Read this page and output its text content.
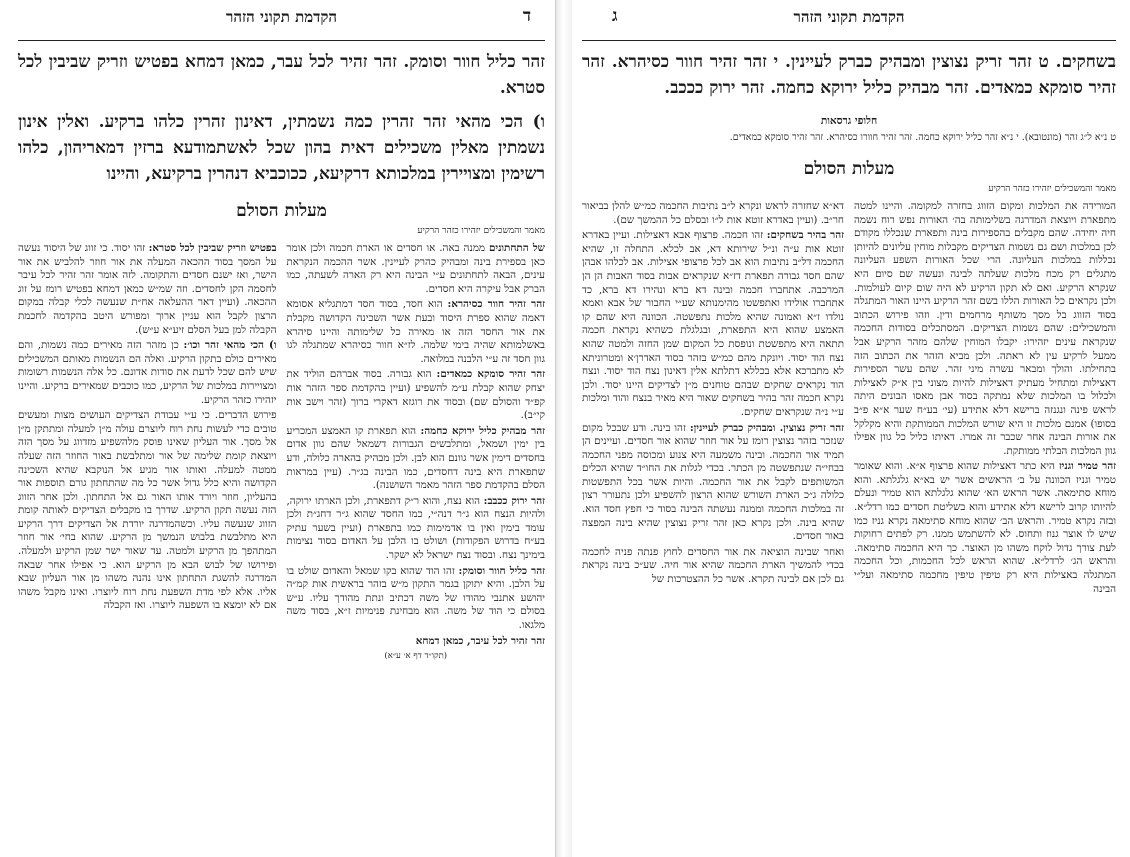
ד
הקדמת תקוני הזהר

זהר כליל חוור וסומק. זהר זהיר לכל עבר, כמאן דמחא בפטיש וזריק שביבין לכל סטרא.

ו) הכי מהאי זהר זהרין כמה נשמתין, דאינון זהרין כלהו ברקיע. ואלין אינון נשמתין מאלין משכילים דאית בהון שכל לאשתמודעא ברזין דמאריהון, כלהו רשימין ומצויירין במלכותא דרקיעא, ככוכביא דנהרין ברקיעא, והיינו

מעלות הסולם
מאמר והמשכילים יזהירו כזהר הרקיע

של התחתונים ממנה באה. או חסדים או הארת חכמה ולכן אומר כאן בספירת בינה ומבהיק כהרק לעיינין. אשר ההכמה הנקראת עינים, הבאה לתחתונים ע״י הבינה היא רק הארה לשעתה, כמו הברק אבל עיקרה היא חסדים.

זהר זהיר חוור כסיהרא: הוא חסד, בסוד חסד דמתגליא אסומא דאמה שהוא ספרת היסוד ובעת אשר השכינה הקדושה מקבלת את אור החסד הזה או מאירה כל שלימותה והיינו סיהרא באשלמותא שהיה בימי שלמה. לז״א חוור כסיהרא שמתגלה לגו גוון חסד זה ע״י הלבנה במלואה.

זהר זהיר סומקא כמאדים: הוא גבורה. בסוד אברהם הוליד את יצחק שהוא קבלת ע״מ להשפיע (ועיין בהקדמת ספר הזהר אות קפ״ד והסולם שם) ובסוד את רוגזא דאקרי ברוך (זהר וישב אות קי״ב).

זהר מבהיק כליל ירוקא כחמה: הוא תפארת קו האמצע המכריע בין ימין ושמאל, ומתלבשים הגבורות דשמאל שהם גוון אדום בחסדים דימין אשר גוונם הוא לבן. ולכן מבהיק בהארה כלולה, ודע שתפארת היא בינה דחסדים, כמו הבינה בג״ר. (עיין במראות הסלם בהקדמת ספר הזהר מאמר השושנה).

זהר ירוק ככבב: הוא נצח, והוא ר״ק דתפארת, ולכן הארתו ירוקה, ולהיות הנצח הוא ג״ר דנה״י, כמו החסד שהוא ג״ר דחג״ת ולכן עומד בימין ואין בו אדמימות כמו בתפארת (ועיין בשער עתיק בע״ח בדרוש הפקודות) ושולט בו הלבן על האדום בסוד נצימות בימינך נצח. ובסוד נצח ישראל לא ישקר.

זהר כליל חוור וסומק: זהו הוד שהוא בקו שמאל והאדום שולט בו על הלבן. והיא יתוקן בגמר התקון מ״ש בזהר בראשית אות קמ״ה יהושע אתנבי מהודו של משה דכתיב ונתת מהודך עליו. ע״ש בסולם כי הוד של משה. הוא מבחינת פנימיות ז״א, בסוד משה מלגאו.

זהר זהיר לכל עיבר, כמאן דמחא

(תקו״ד דף א׳ ע״א)

בפטיש וזריק שביבין לכל סטרא: זהו יסוד. כי זווג של היסוד נעשה על המסך בסוד ההכאה המעלה את אור חוזר להלביש את אור הישר, ואז ישנם חסדים והתקומה. לזה אומר זהר זהיר לכל עיבר לחסמה הקן לחסדים. וזה שמ״ש כמאן דמחא בפטיש רומז על זוג ההכאה. (ועיין דאר ההעלאה אח״ת שנעשה לכלי קבלה במקום הרצון לקבל הוא עניין ארוך ומפורש היטב בהקדמה לחכמת הקבלה למן בעל הסלם זיע״א ע״ש).

ו) הכי מהאי זהר וכו׳: כן מזהר הזה מאירים כמה נשמות, והם מאירים כולם בתקון הרקיע. ואלה הם הנשמות מאותם המשכילים שיש להם שכל לדעת את סודות אדונם. כל אלה הנשמות רשומות ומצויירות במלכות של הרקיע, כמו כוכבים שמאירים ברקיע. והיינו יזהירו כזהר הרקיע.

פירוש הדברים. כי ע״י עבודת הצדיקים העושים מצות ומעשים טובים כדי לעשות נחת רוח ליוצרם עולה מ״ן למעלה ומתתקן מ״ן אל מסך. אור העליון שאינו פוסק מלהשפיע מזדווג על מסך הזה ויוצאת קומת שלימה של אור ומתלבשת באור החוזר הזה שעלה ממטה למעלה. ואותו אור מגיע אל הנוקבא שהיא השכינה הקדושה והיא כלל גדול אשר כל מה שהתחתון גורם תוספות אור בהעליון, חוזר ויורד אותו האור גם אל התחתון. ולכן אחר הזווג הזה נעשה תקון הרקיע. שדרך בו מקבלים הצדיקים לאותה קומת הזווג שנעשה עליו. וכשהמדרגה יורדת אל הצדיקים דרך הרקיע היא מתלבשת בלבוש הנמשך מן הרקיע. שהוא בחי׳ אור חוזר המתהפך מן הרקיע ולמטה. עד שאור ישר שמן הרקיע ולמעלה. ופירושו של לבוש הבא מן הרקיע הוא. כי אפילו אחר שבאה המדרגה להשגת התחתון אינו נהנה משהו מן אור העליון שבא אליו. אלא לפי מדת השפעת נחת רוח ליוצרו. ואינו מקבל משהו אם לא יומצא בו השפעה ליוצרו. ואז הקבלה

ג	הקדמת תקוני הזהר

בשחקים. ט זהר זריק נצוצין ומבהיק כברק לעיינין. י זהר זהיר חוור כסיהרא. זהר זהיר סומקא כמאדים. זהר מבהיק כליל ירוקא כחמה. זהר ירוק כככב.

חלופי גרסאות
ט נ״א ל״ג זהר (מונטובא). י נ״א זהר כליל ירוקא כחמה. זהר זהיר חוורו כסיהרא. זהר זהיר סומקא כמאדים.
מעלות הסולם
מאמר והמשכילים יזהירו כזהר הרקיע

המורידה את המלכות ומקום הזווג בחזרה למקומה. והיינו למטה מתפארת ויוצאת המדרגה בשלימותה בה׳ האורות נפש רוח נשמה חיה יחידה. שהם מקבלים בהספירות בינה ותפארת שנכללו מקודם לכן במלכות ושם גם נשמות הצדיקים מקבלות מוחין עליונים להיותן נכללות במלכות העליונה. הרי שכל האורות השפע העליונה מתגלים רק מכח מלכות שעלתה לבינה ונעשה שם סיום היא שנקרא הרקיע. ואם לא תקון הרקיע לא היה שום קיום לעולמות. ולכן נקראים כל האורות הללו בשם זהר הרקיע היינו האור המתגלה בסוד הזווג בל מסך משותף מרחמים ודין. וזהו פירוש הכתוב והמשכילים: שהם נשמות הצדיקים. המסתכלים בסודות החכמה שנקראת עינים יזהירו: יקבלו המוחין שלהם מזהר הרקיע אבל ממעל לרקיע עין לא ראתה. ולכן מביא הזהר את הכתוב הזה בתחילתו. והולך ומבאר עשרה מיני זהר. שהם עשר הספירות דאצילות ומתחיל מעתיק דאצילות להיות מצוני בין א״ק לאצילות ולכלול בו המלכות שלא נמתקה בסוד אבן מאסו הבונים היתה לראש פינה ונגנזה ברישא דלא אתידע (עי׳ בע״ח שער א״א פ״ב בסופו) אמנם מלכות זו היא שורש המלכות הממותקת והיא מקלקל את אורות הבינה אחר שכבר זה אמרו. דאיתו כליל כל גוון אפילו גוון המלכות הבלתי ממותקת.

זהר טמיר וגניז היא כתר דאצילות שהוא פרצוף א״א. והוא שאומר טמיר וגניז הכוונה על ב׳ הראשים אשר יש בא״א גלגלתא. והוא מוחא סתימאה. אשר הראש הא׳ שהוא גלגלתא הוא טמיר ונעלם להיותו קרוב לרישא דלא אתידע והוא בשליטת חסדים כמו רדל״א. ובזה נקרא טמיר. והראש הב׳ שהוא מוחא סתימאה נקרא גניז כמו שיש לו אוצר גנוז ותחוס. לא להשתמש ממנו. רק לפתים רחוקות לעת צורך גדול לוקח משהו מן האוצר. כך היא החכמה סתימאה. והראש הג׳ לרדל״א. שהוא הראש לכל החכמות, וכל החכמה המתגלה באצילות היא רק טיפין טיפין מחכמה סתימאה ועל״י הבינה

דא״א שחזרה לראש ונקרא ל״ב נתיבות החכמה כמ״ש להלן בביאור חר״ב. (ועיין באדרא זוטא אות ל״ו ובסלם כל ההמשך שם).

זהר בהיר בשחקים: זהו חכמה. פרצוף אבא דאצילות. ועיין באדרא זוטא אות ע״ה ונ״ל שירותא דא, אב לכלא. התחלה זו, שהיא החכמה דל״ב נתיבות הוא אב לכל פרצופי אצילות. אב לכלהו אבהן שהם חסד גבורה תפארת דז״א שנקראים אבות בסוד האבות הן הן המרכבה. אתחברו חכמה ובינה דא ברא ונהירו דא ברא, כד אתחברו אולידו ואתפשטו מהימנותא שע״י החבור של אבא ואמא נולדו ז״א ואמונה שהיא מלכות נתפשטה. הכוונה היא שהם קו האמצע שהוא היא התפארת, ובגלגלת כשהיא נקראת חכמה תתאה היא מתפשטת ונופסת כל המקום שמן החזה ולמטה שהוא נצח הוד יסוד. ויונקת מהם כמ״ש בזהר בסוד האדרן׳א ומטרוניתא לא מתברכא אלא בכללא דתלתא אלין דאינון נצח הוד יסוד. ונצח הוד נקראים שחקים שבהם טוחנים מ״ן לצדיקים היינו יסוד. ולכן נקרא חכמה זהר בהיר בשחקים שאור היא מאיר בנצח והוד ומלכות ע״י נ״ה שנקראים שחקים.

זהר זריק נצוצין. ומבהיק כברק לעיינין: זהו בינה. ודע שבכל מקום שנזכר בזהר נצוצין רומז על אור חוזר שהוא אור חסדים. ועיינים הן תמיד אור החכמה. ובינה משמעה היא צנוע ומכוסה מפני החכמה בבחי״ה שנתפשטה מן הכתר. בכדי לגלות את החו״ד שהיא הכלים המשותפים לקבל את אור החכמה. והיות אשר בכל התפשטות כלולה ג״כ הארת השורש שהוא הרצון להשפיע ולכן נתעורר רצון זה במלכות החכמה וממנה נעשתה הבינה בסוד כי חפץ חסד הוא. שהיא בינה. ולכן נקרא כאן זהר זריק נצוצין שהיא בינה המפצה באור חסדים.

ואחר שבינה הוציאה את אור החסדים לחוץ פנתה פניה לחכמה בכדי להמשיך הארת החכמה שהיא אור חיה. שע״כ בינה נקראת גם לכן אם לבינה תקרא. אשר כל ההצטרכות של
